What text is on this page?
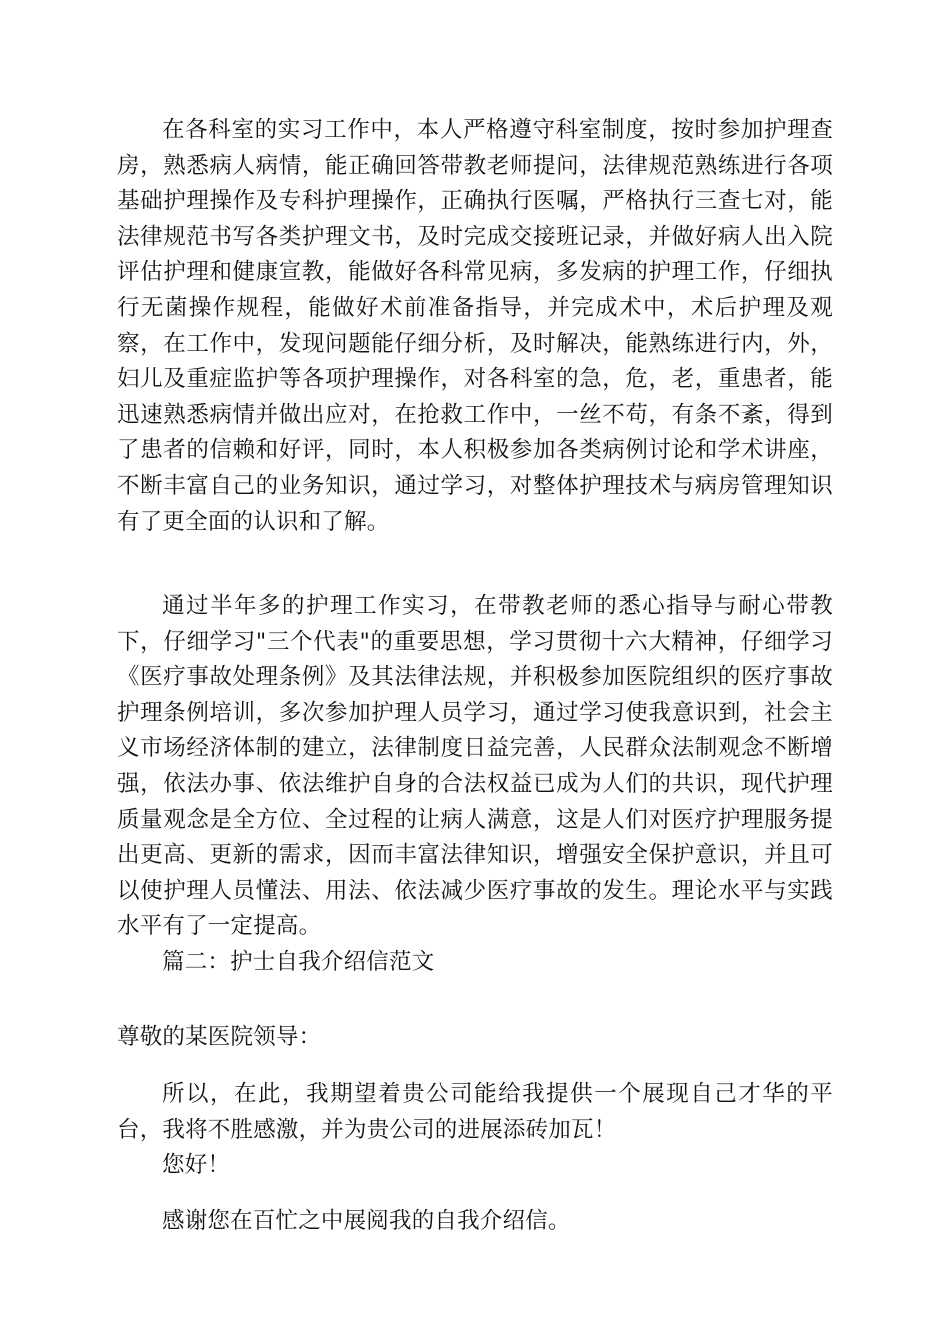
在各科室的实习工作中，本人严格遵守科室制度，按时参加护理查房，熟悉病人病情，能正确回答带教老师提问，法律规范熟练进行各项基础护理操作及专科护理操作，正确执行医嘱，严格执行三查七对，能法律规范书写各类护理文书，及时完成交接班记录，并做好病人出入院评估护理和健康宣教，能做好各科常见病，多发病的护理工作，仔细执行无菌操作规程，能做好术前准备指导，并完成术中，术后护理及观察，在工作中，发现问题能仔细分析，及时解决，能熟练进行内，外，妇儿及重症监护等各项护理操作，对各科室的急，危，老，重患者，能迅速熟悉病情并做出应对，在抢救工作中，一丝不苟，有条不紊，得到了患者的信赖和好评，同时，本人积极参加各类病例讨论和学术讲座，不断丰富自己的业务知识，通过学习，对整体护理技术与病房管理知识有了更全面的认识和了解。

通过半年多的护理工作实习，在带教老师的悉心指导与耐心带教下，仔细学习"三个代表"的重要思想，学习贯彻十六大精神，仔细学习《医疗事故处理条例》及其法律法规，并积极参加医院组织的医疗事故护理条例培训，多次参加护理人员学习，通过学习使我意识到，社会主义市场经济体制的建立，法律制度日益完善，人民群众法制观念不断增强，依法办事、依法维护自身的合法权益已成为人们的共识，现代护理质量观念是全方位、全过程的让病人满意，这是人们对医疗护理服务提出更高、更新的需求，因而丰富法律知识，增强安全保护意识，并且可以使护理人员懂法、用法、依法减少医疗事故的发生。理论水平与实践水平有了一定提高。

篇二：护士自我介绍信范文

尊敬的某医院领导：

所以，在此，我期望着贵公司能给我提供一个展现自己才华的平台，我将不胜感激，并为贵公司的进展添砖加瓦！

您好！

感谢您在百忙之中展阅我的自我介绍信。
